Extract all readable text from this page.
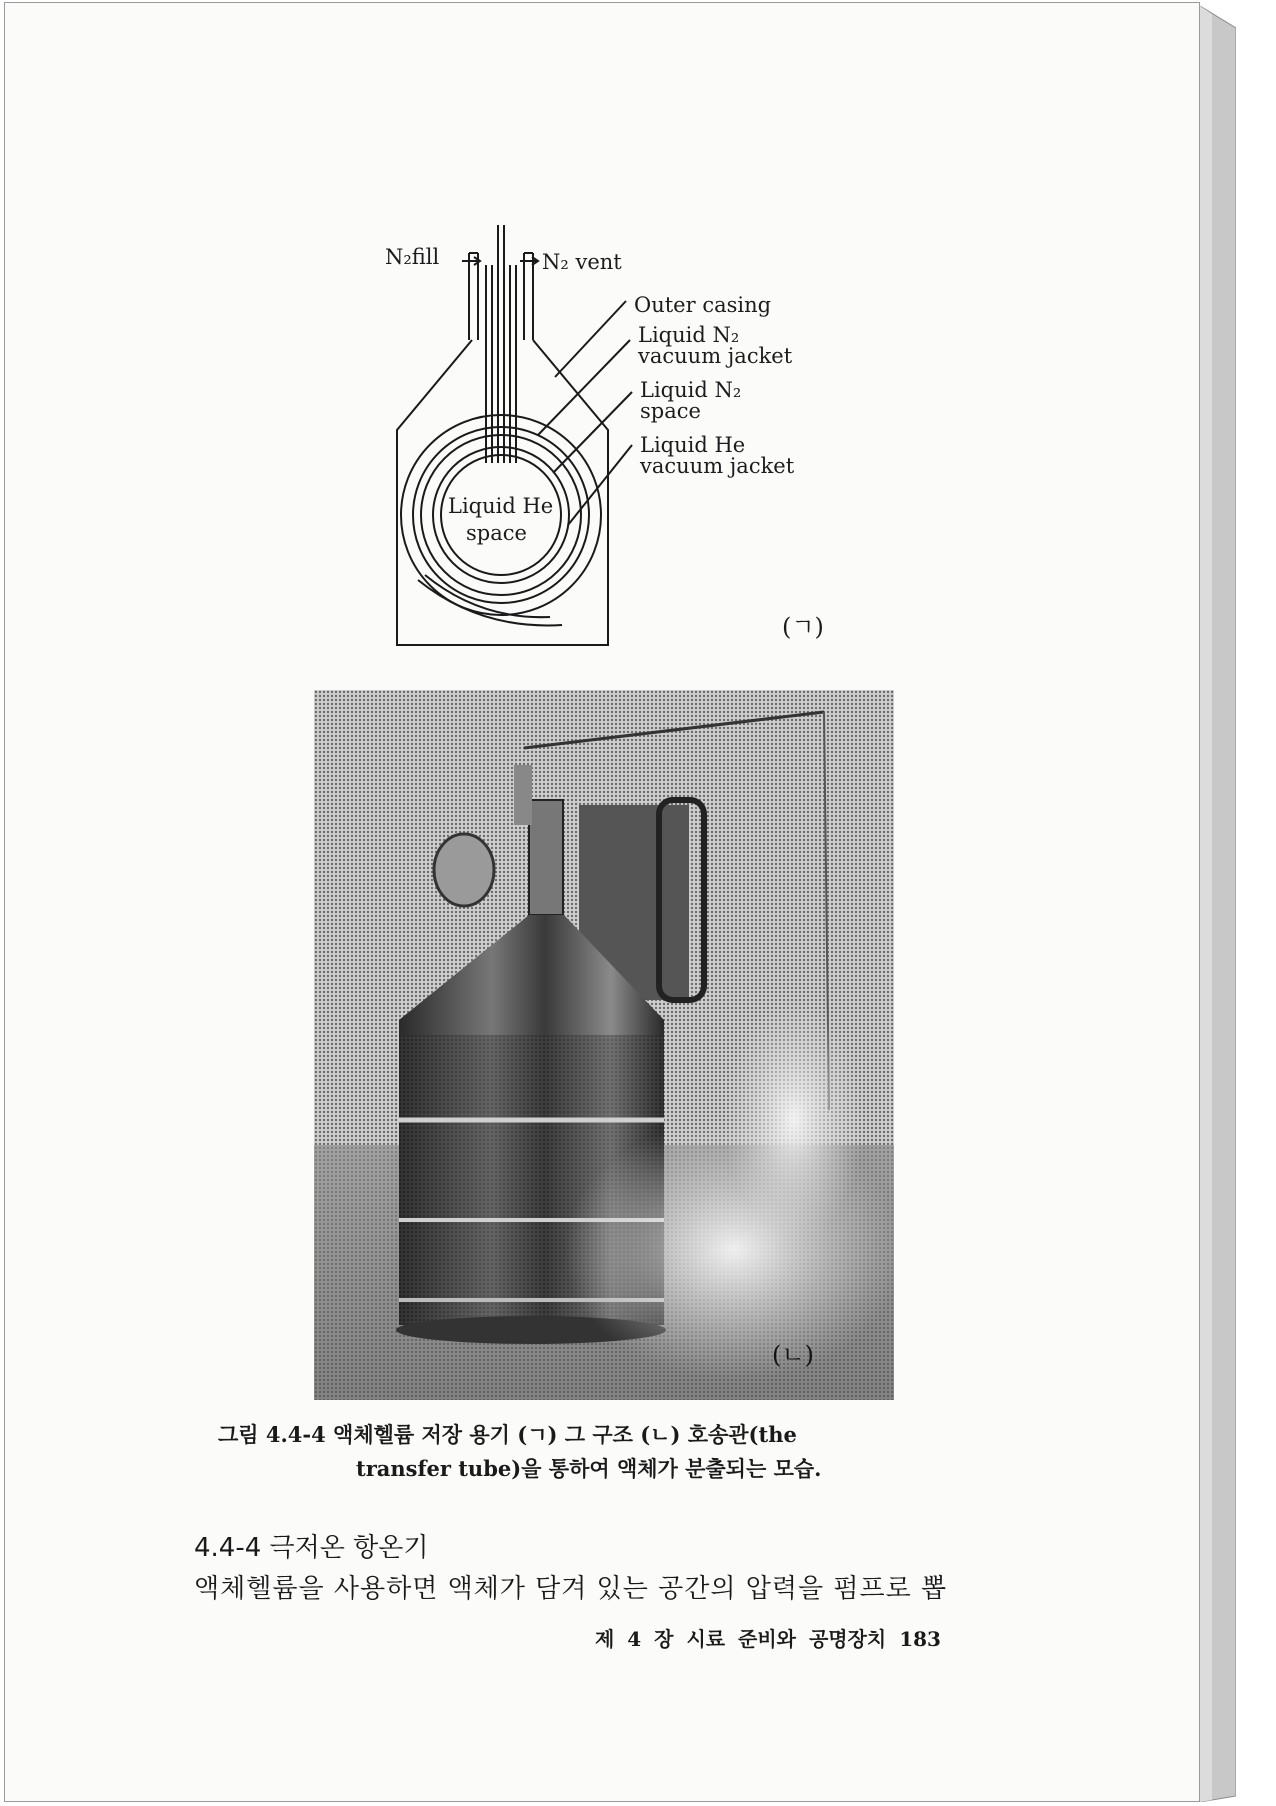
N₂fill	N₂ vent
Outer casing
Liquid N₂
vacuum jacket
Liquid N₂
space
Liquid He
vacuum jacket
Liquid He
space
(ㄱ)
(ㄴ)
그림 4.4-4 액체헬륨 저장 용기 (ㄱ) 그 구조 (ㄴ) 호송관(the
transfer tube)을 통하여 액체가 분출되는 모습.
4.4-4 극저온 항온기
액체헬륨을 사용하면 액체가 담겨 있는 공간의 압력을 펌프로 뽑
제 4 장 시료 준비와 공명장치 183
